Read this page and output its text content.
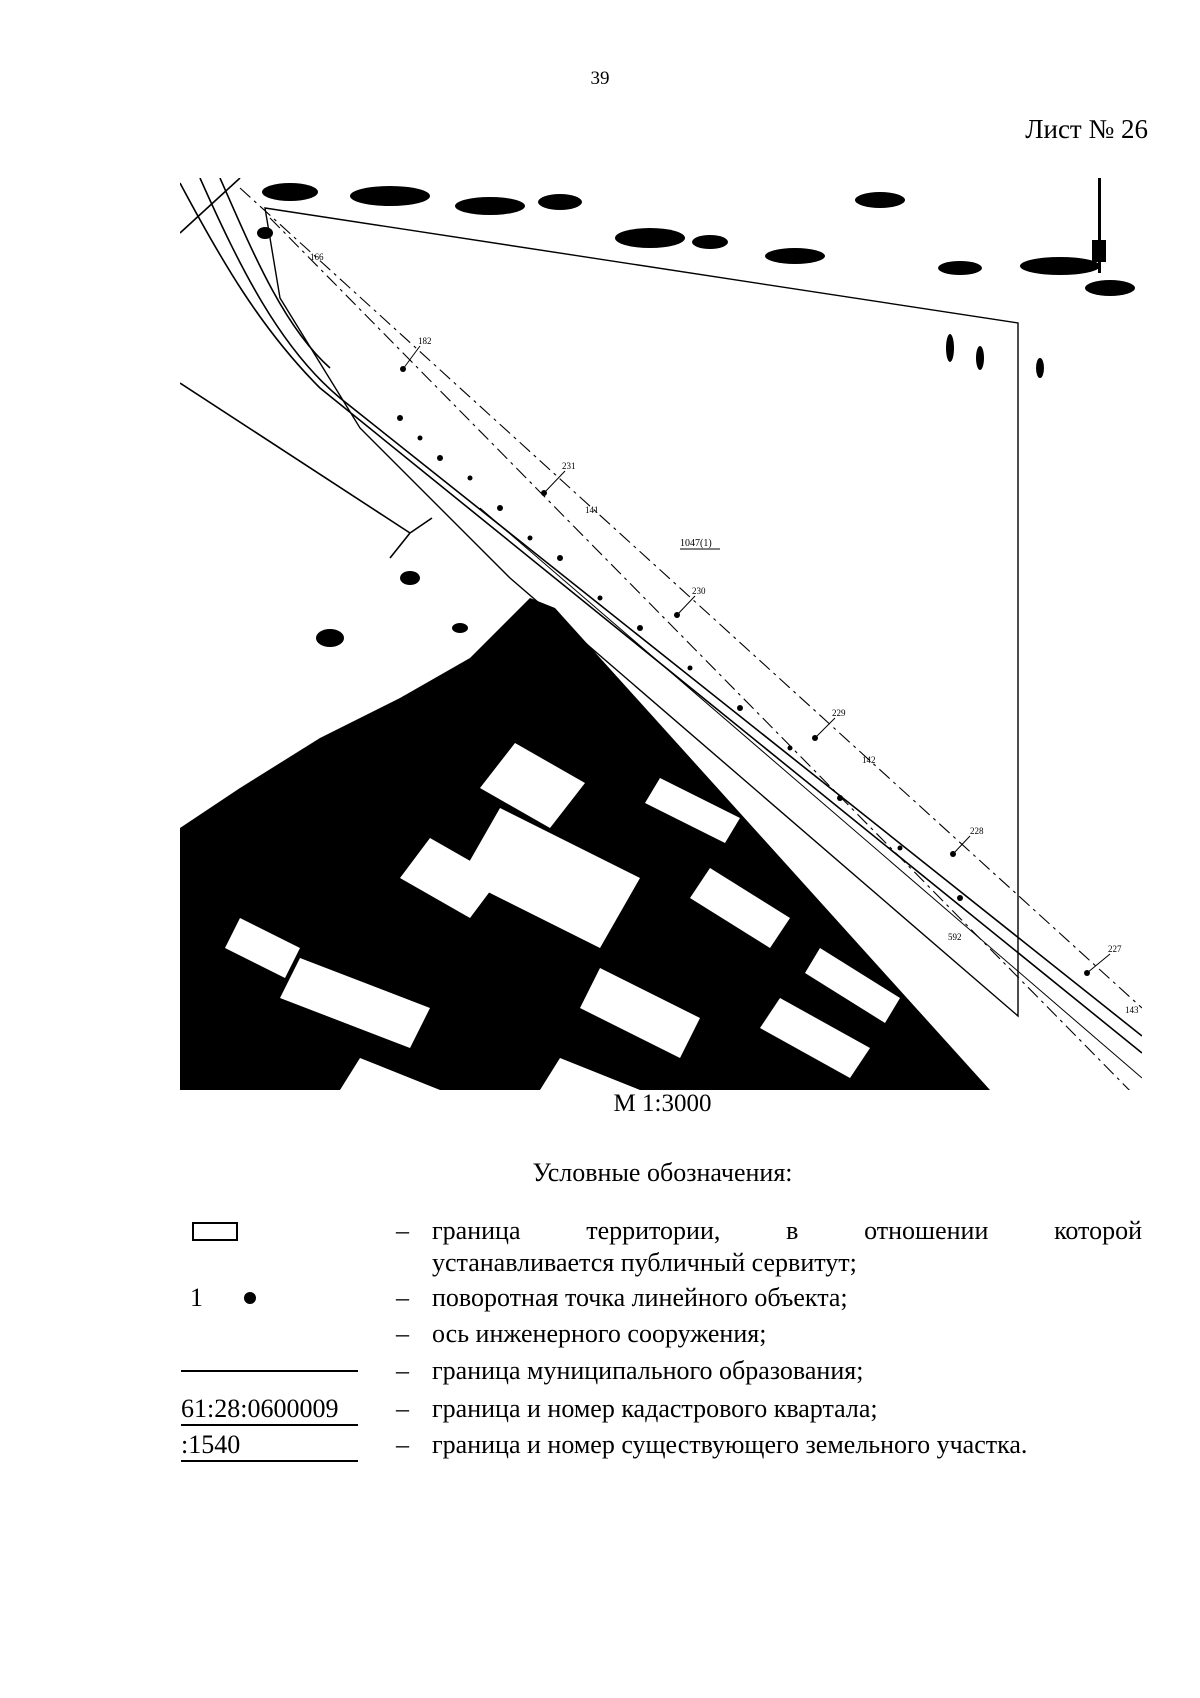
39
Лист № 26
182
231
230
229
228
227
166
141
142
592
143
1047(1)
М 1:3000
Условные обозначения:
– граница территории, в отношении которой
устанавливается публичный сервитут;
1	– поворотная точка линейного объекта;
– ось инженерного сооружения;
– граница муниципального образования;
61:28:0600009	– граница и номер кадастрового квартала;
:1540	– граница и номер существующего земельного участка.
